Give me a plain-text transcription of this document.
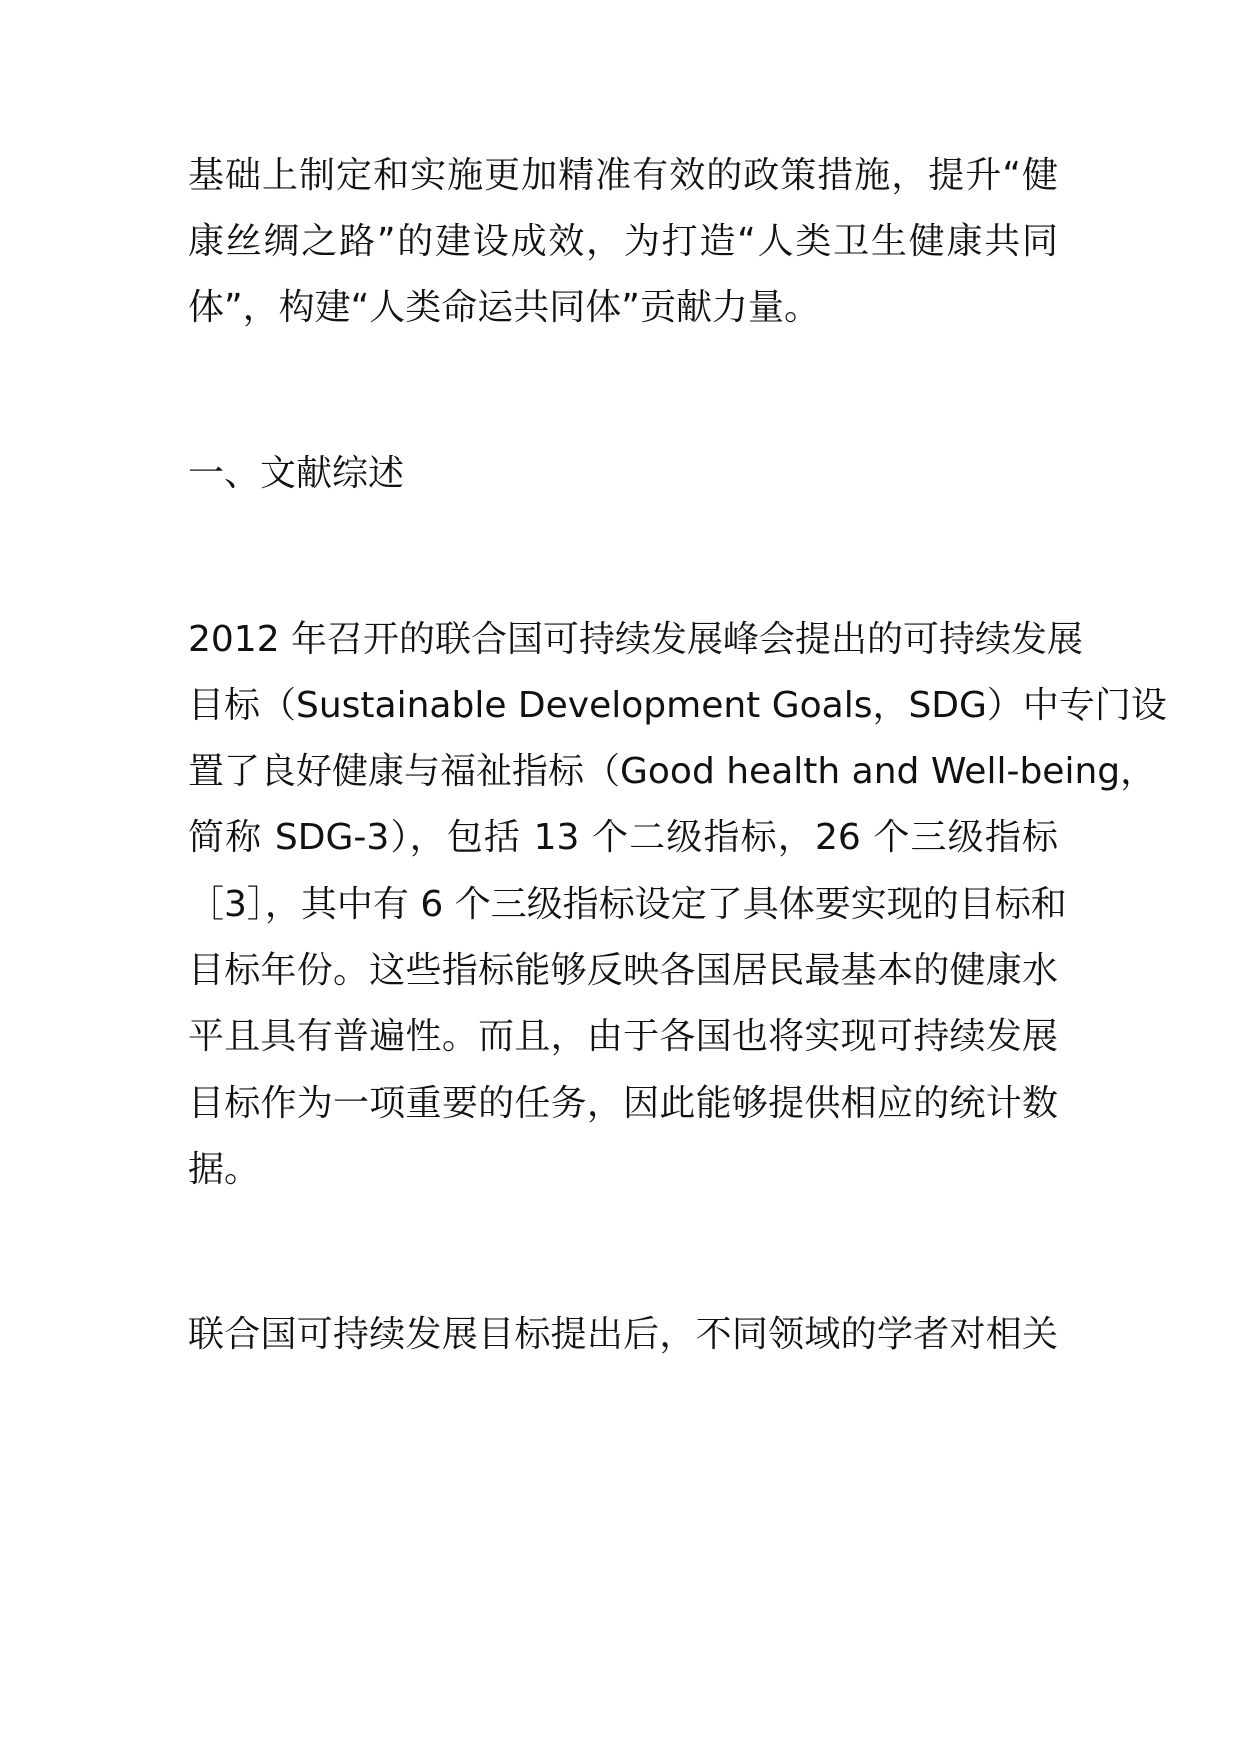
基础上制定和实施更加精准有效的政策措施，提升“健
康丝绸之路”的建设成效，为打造“人类卫生健康共同
体”，构建“人类命运共同体”贡献力量。
一、文献综述
2012 年召开的联合国可持续发展峰会提出的可持续发展
目标（Sustainable Development Goals，SDG）中专门设
置了良好健康与福祉指标（Good health and Well-being，
简称 SDG-3），包括 13 个二级指标，26 个三级指标
［3］，其中有 6 个三级指标设定了具体要实现的目标和
目标年份。这些指标能够反映各国居民最基本的健康水
平且具有普遍性。而且，由于各国也将实现可持续发展
目标作为一项重要的任务，因此能够提供相应的统计数
据。
联合国可持续发展目标提出后，不同领域的学者对相关
